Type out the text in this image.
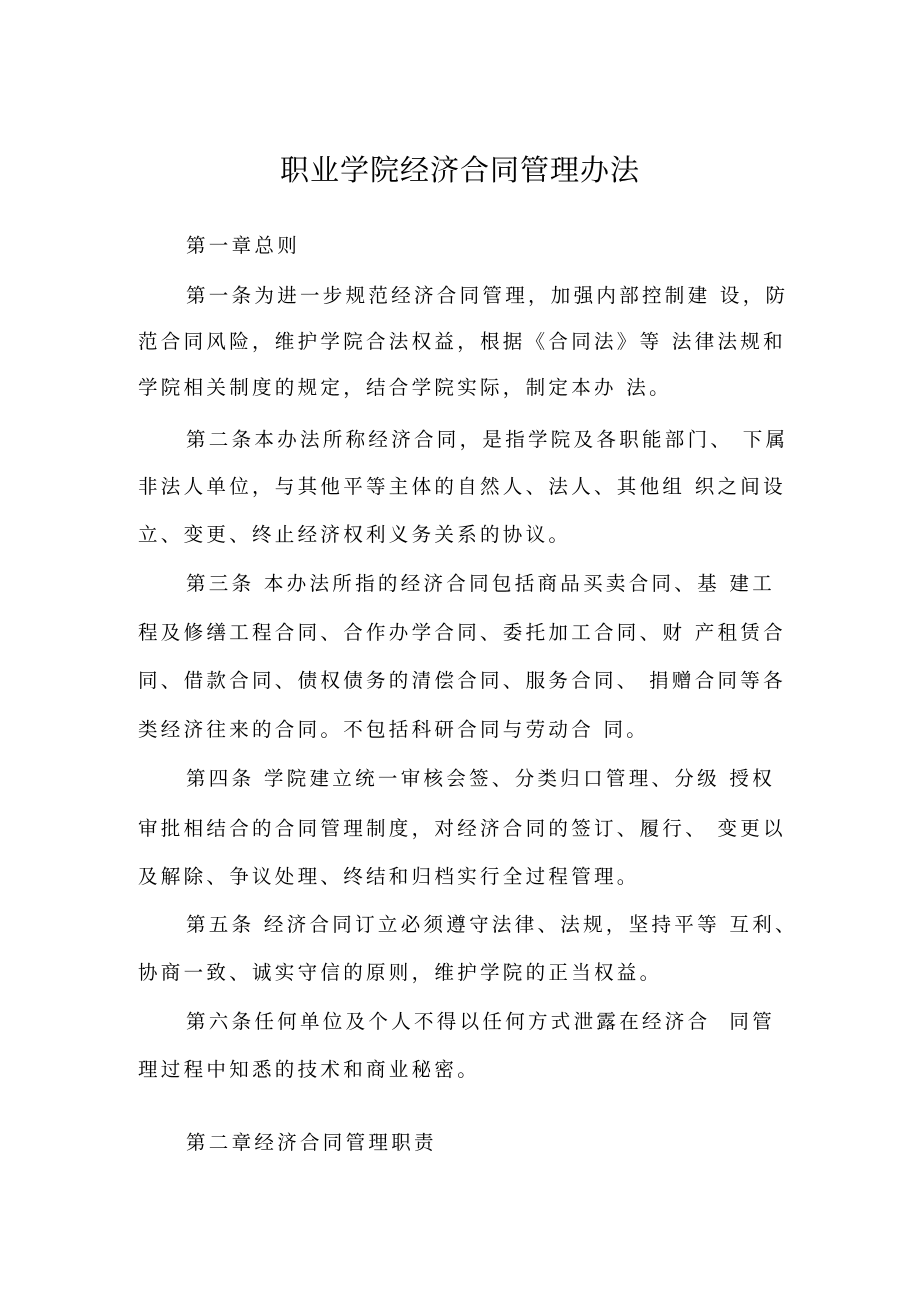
职业学院经济合同管理办法
第一章总则
第一条为进一步规范经济合同管理，加强内部控制建 设，防
范合同风险，维护学院合法权益，根据《合同法》等 法律法规和
学院相关制度的规定，结合学院实际，制定本办 法。
第二条本办法所称经济合同，是指学院及各职能部门、 下属
非法人单位，与其他平等主体的自然人、法人、其他组 织之间设
立、变更、终止经济权利义务关系的协议。
第三条 本办法所指的经济合同包括商品买卖合同、基 建工
程及修缮工程合同、合作办学合同、委托加工合同、财 产租赁合
同、借款合同、债权债务的清偿合同、服务合同、 捐赠合同等各
类经济往来的合同。不包括科研合同与劳动合 同。
第四条 学院建立统一审核会签、分类归口管理、分级 授权
审批相结合的合同管理制度，对经济合同的签订、履行、 变更以
及解除、争议处理、终结和归档实行全过程管理。
第五条 经济合同订立必须遵守法律、法规，坚持平等 互利、
协商一致、诚实守信的原则，维护学院的正当权益。
第六条任何单位及个人不得以任何方式泄露在经济合  同管
理过程中知悉的技术和商业秘密。
第二章经济合同管理职责
